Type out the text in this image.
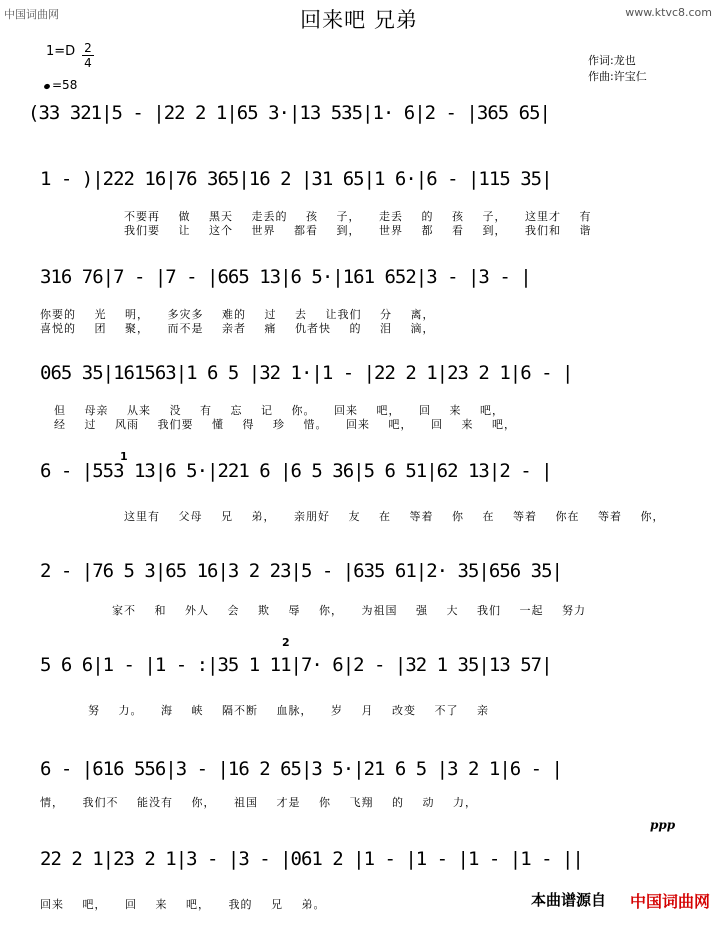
中国词曲网	www.ktvc8.com
回来吧 兄弟
1=D 2
4
=58
作词:龙也
作曲:许宝仁
(33 321|5 - |22 2 1|65 3·|13 535|1· 6|2 - |365 65|
1 - )|222 16|76 365|16 2 |31 65|1 6·|6 - |115 35|
不要再 做 黑天 走丢的 孩 子， 走丢 的 孩 子， 这里才 有
我们要 让 这个 世界 都看 到， 世界 都 看 到， 我们和 谐
316 76|7 - |7 - |665 13|6 5·|161 652|3 - |3 - |
你要的 光 明， 多灾多 难的 过 去 让我们 分 离，
喜悦的 团 聚， 而不是 亲者 痛 仇者快 的 泪 滴，
065 35|161563|1 6 5 |32 1·|1 - |22 2 1|23 2 1|6 - |
但 母亲 从来 没 有 忘 记 你。 回来 吧， 回 来 吧，
经 过 风雨 我们要 懂 得 珍 惜。 回来 吧， 回 来 吧，
1
6 - |553 13|6 5·|221 6 |6 5 36|5 6 51|62 13|2 - |
这里有 父母 兄 弟， 亲朋好 友 在 等着 你 在 等着 你在 等着 你，
2 - |76 5 3|65 16|3 2 23|5 - |635 61|2· 35|656 35|
家不 和 外人 会 欺 辱 你， 为祖国 强 大 我们 一起 努力
2
5 6 6|1 - |1 - :|35 1 11|7· 6|2 - |32 1 35|13 57|
努 力。 海 峡 隔不断 血脉， 岁 月 改变 不了 亲
6 - |616 556|3 - |16 2 65|3 5·|21 6 5 |3 2 1|6 - |
情， 我们不 能没有 你， 祖国 才是 你 飞翔 的 动 力，
ppp
22 2 1|23 2 1|3 - |3 - |061 2 |1 - |1 - |1 - |1 - ||
回来 吧， 回 来 吧， 我的 兄 弟。	本曲谱源自 中国词曲网
